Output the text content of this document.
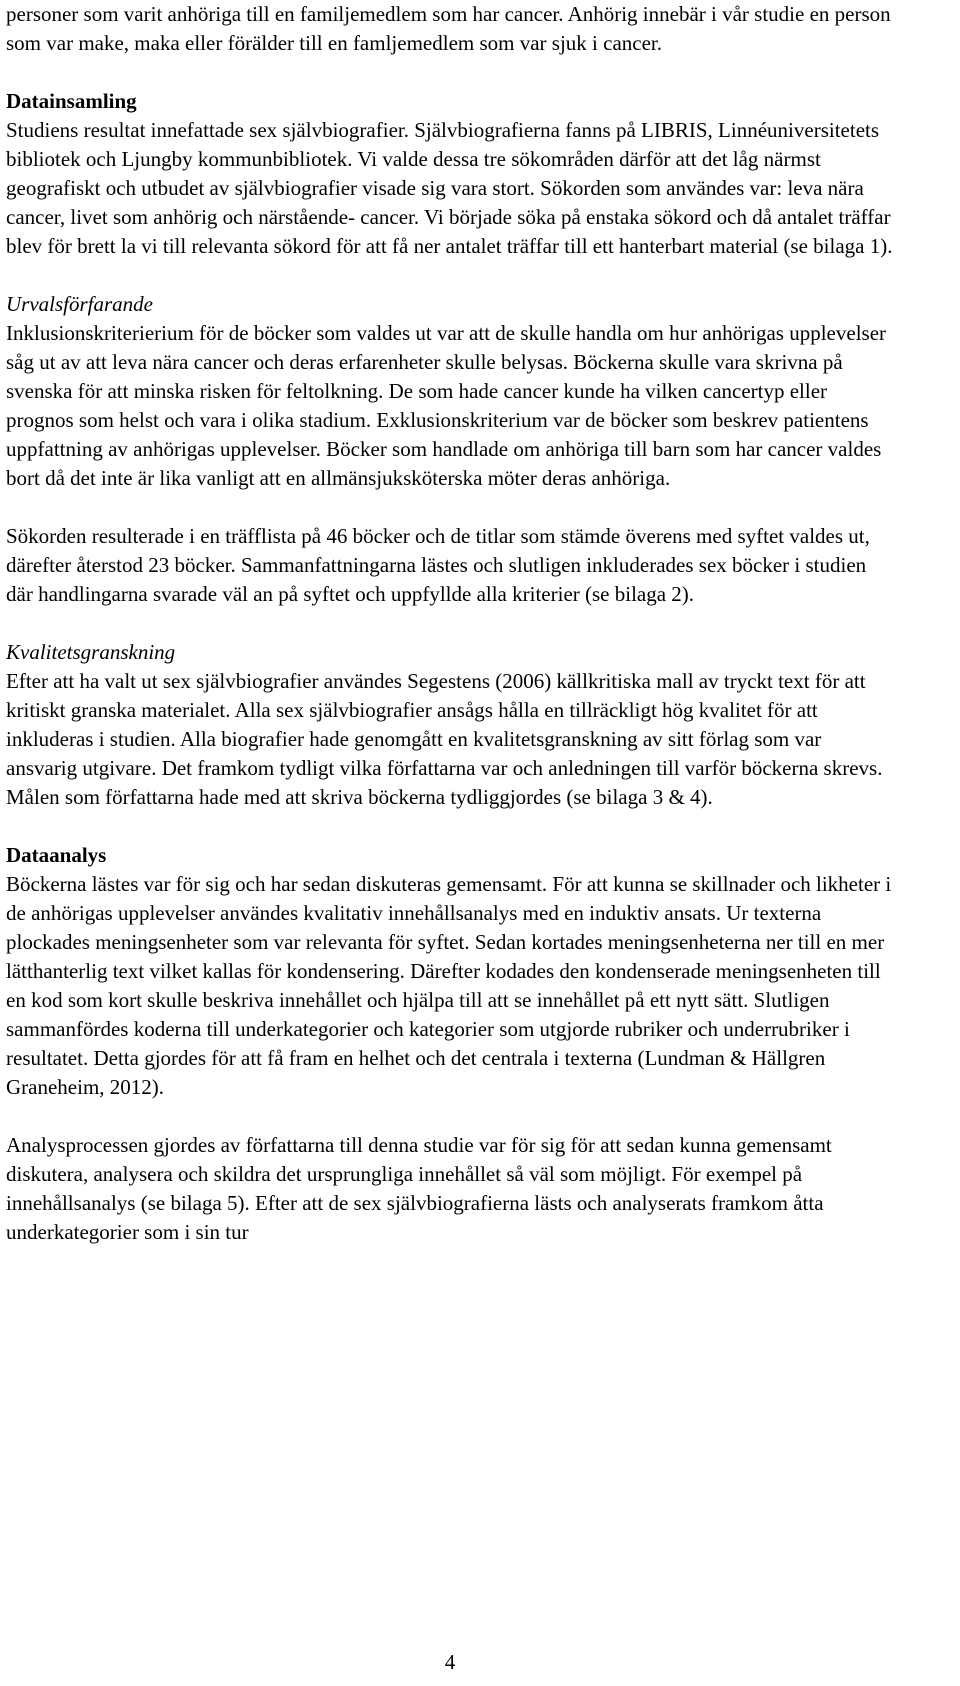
personer som varit anhöriga till en familjemedlem som har cancer. Anhörig innebär i vår studie en person som var make, maka eller förälder till en famljemedlem som var sjuk i cancer.

Datainsamling
Studiens resultat innefattade sex självbiografier. Självbiografierna fanns på LIBRIS, Linnéuniversitetets bibliotek och Ljungby kommunbibliotek. Vi valde dessa tre sökområden därför att det låg närmst geografiskt och utbudet av självbiografier visade sig vara stort. Sökorden som användes var: leva nära cancer, livet som anhörig och närstående- cancer. Vi började söka på enstaka sökord och då antalet träffar blev för brett la vi till relevanta sökord för att få ner antalet träffar till ett hanterbart material (se bilaga 1).

Urvalsförfarande
Inklusionskriterierium för de böcker som valdes ut var att de skulle handla om hur anhörigas upplevelser såg ut av att leva nära cancer och deras erfarenheter skulle belysas. Böckerna skulle vara skrivna på svenska för att minska risken för feltolkning. De som hade cancer kunde ha vilken cancertyp eller prognos som helst och vara i olika stadium. Exklusionskriterium var de böcker som beskrev patientens uppfattning av anhörigas upplevelser. Böcker som handlade om anhöriga till barn som har cancer valdes bort då det inte är lika vanligt att en allmänsjuksköterska möter deras anhöriga.

Sökorden resulterade i en träfflista på 46 böcker och de titlar som stämde överens med syftet valdes ut, därefter återstod 23 böcker. Sammanfattningarna lästes och slutligen inkluderades sex böcker i studien där handlingarna svarade väl an på syftet och uppfyllde alla kriterier (se bilaga 2).

Kvalitetsgranskning
Efter att ha valt ut sex självbiografier användes Segestens (2006) källkritiska mall av tryckt text för att kritiskt granska materialet. Alla sex självbiografier ansågs hålla en tillräckligt hög kvalitet för att inkluderas i studien. Alla biografier hade genomgått en kvalitetsgranskning av sitt förlag som var ansvarig utgivare. Det framkom tydligt vilka författarna var och anledningen till varför böckerna skrevs. Målen som författarna hade med att skriva böckerna tydliggjordes (se bilaga 3 & 4).

Dataanalys
Böckerna lästes var för sig och har sedan diskuteras gemensamt. För att kunna se skillnader och likheter i de anhörigas upplevelser användes kvalitativ innehållsanalys med en induktiv ansats. Ur texterna plockades meningsenheter som var relevanta för syftet. Sedan kortades meningsenheterna ner till en mer lätthanterlig text vilket kallas för kondensering. Därefter kodades den kondenserade meningsenheten till en kod som kort skulle beskriva innehållet och hjälpa till att se innehållet på ett nytt sätt. Slutligen sammanfördes koderna till underkategorier och kategorier som utgjorde rubriker och underrubriker i resultatet. Detta gjordes för att få fram en helhet och det centrala i texterna (Lundman & Hällgren Graneheim, 2012).

Analysprocessen gjordes av författarna till denna studie var för sig för att sedan kunna gemensamt diskutera, analysera och skildra det ursprungliga innehållet så väl som möjligt. För exempel på innehållsanalys (se bilaga 5). Efter att de sex självbiografierna lästs och analyserats framkom åtta underkategorier som i sin tur

4
